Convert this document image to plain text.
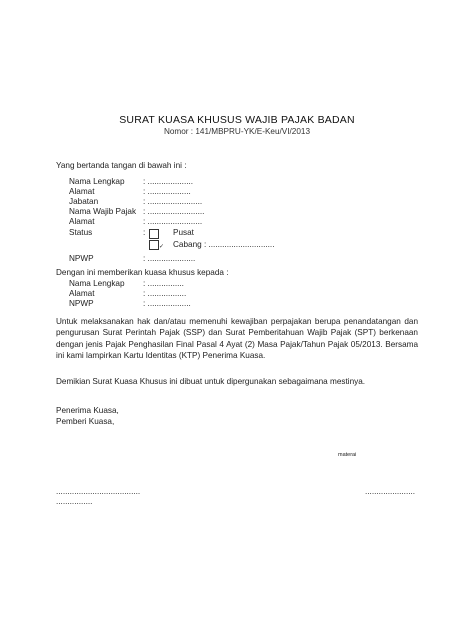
SURAT KUASA KHUSUS WAJIB PAJAK BADAN
Nomor : 141/MBPRU-YK/E-Keu/VI/2013
Yang bertanda tangan di bawah ini :
Nama Lengkap : ....................
Alamat	: ...................
Jabatan	: ........................
Nama Wajib Pajak : .........................
Alamat	: ........................
Status	:	Pusat
✓ Cabang : .............................
NPWP	: .....................
Dengan ini memberikan kuasa khusus kepada :
Nama Lengkap : ................
Alamat	: .................
NPWP	: ...................
Untuk melaksanakan hak dan/atau memenuhi kewajiban perpajakan berupa penandatangan dan pengurusan Surat Perintah Pajak (SSP) dan Surat Pemberitahuan Wajib Pajak (SPT) berkenaan dengan jenis Pajak Penghasilan Final Pasal 4 Ayat (2) Masa Pajak/Tahun Pajak 05/2013. Bersama ini kami lampirkan Kartu Identitas (KTP) Penerima Kuasa.
Demikian Surat Kuasa Khusus ini dibuat untuk dipergunakan sebagaimana mestinya.
Penerima Kuasa,
Pemberi Kuasa,
materai
.....................................
................
......................
